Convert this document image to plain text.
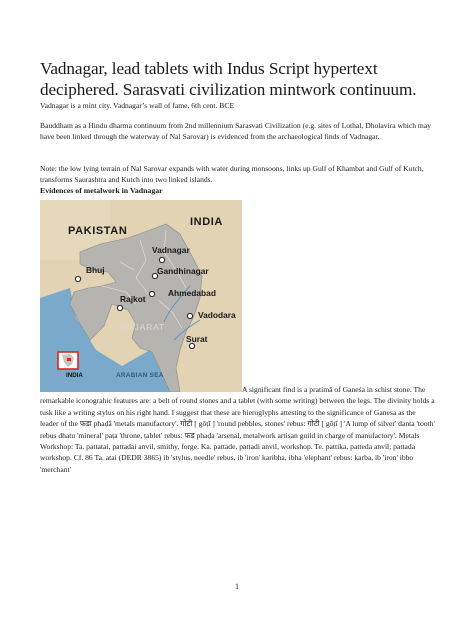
Vadnagar, lead tablets with Indus Script hypertext deciphered. Sarasvati civilization mintwork continuum.

Vadnagar is a mint city. Vadnagar’s wall of fame, 6th cent. BCE

Bauddham as a Hindu dharma continuum from 2nd millennium Sarasvati Civilization (e.g. sites of Lothal, Dholavira which may have been linked through the waterway of Nal Sarovar) is evidenced from the archaeological finds of Vadnagar.

Note: the low lying terrain of Nal Sarovar expands with water during monsoons, links up Gulf of Khambat and Gulf of Kutch, transforms Saurashtra and Kutch into two linked islands.

Evidences of metalwork in Vadnagar
PAKISTAN
INDIA
Vadnagar
Gandhinagar
Ahmedabad
Bhuj
Rajkot
Vadodara
Surat
GUJARAT
ARABIAN SEA
INDIA

A significant find is a pratimā of Ganeśa in schist stone. The remarkable iconograhic features are: a belt of round stones and a tablet (with some writing) between the legs. The divinity holds a tusk like a writing stylus on his right hand. I suggest that these are hieroglyphs attesting to the significance of Ganesa as the leader of the फडा phaḍā 'metals manufactory'. गोटी [ gōṭī ] 'round pebbles, stones' rebus: गोटी [ gōṭī ] 'A lump of silver' danta 'tooth' rebus dhatu 'mineral' paṭa 'throne, tablet' rebus: फड phaḍa 'arsenal, metalwork artisan guild in charge of manufactory'. Metals Workshop: Ta. pattatai, pattadai anvil, smithy, forge. Ka. pattade, pattadi anvil, workshop. Te. pattika, patteda anvil; pattada workshop. Cf. 86 Ta. atai (DEDR 3865) ib 'stylus, needle' rebus, ib 'iron' karibha, ibha 'elephant' rebus: karba, ib 'iron' ibbo 'merchant'

1
